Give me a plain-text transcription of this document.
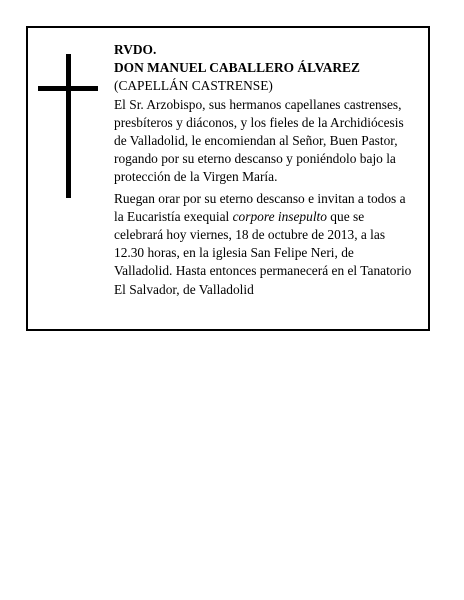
RVDO.

DON MANUEL CABALLERO ÁLVAREZ

(CAPELLÁN CASTRENSE)

El Sr. Arzobispo, sus hermanos capellanes castrenses, presbíteros y diáconos, y los fieles de la Archidiócesis de Valladolid, le encomiendan al Señor, Buen Pastor, rogando por su eterno descanso y poniéndolo bajo la protección de la Virgen María.

Ruegan orar por su eterno descanso e invitan a todos a la Eucaristía exequial corpore insepulto que se celebrará hoy viernes, 18 de octubre de 2013, a las 12.30 horas, en la iglesia San Felipe Neri, de Valladolid. Hasta entonces permanecerá en el Tanatorio El Salvador, de Valladolid
